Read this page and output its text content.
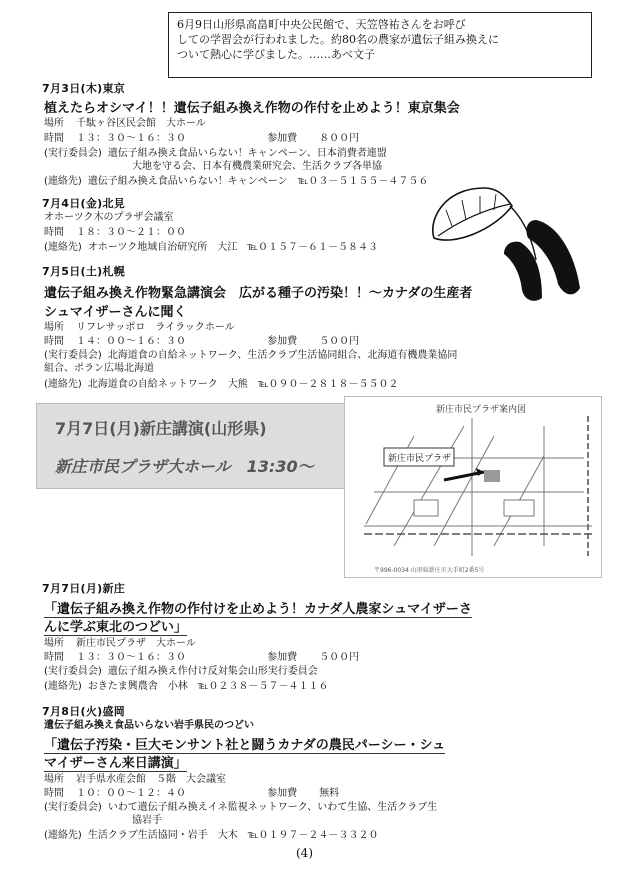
6月9日山形県高畠町中央公民館で、天笠啓祐さんをお呼び
しての学習会が行われました。約80名の農家が遺伝子組み換えに
ついて熱心に学びました。……あべ文子
7月3日(木)東京
植えたらオシマイ！！遺伝子組み換え作物の作付を止めよう！東京集会
場所 千駄ヶ谷区民会館　大ホール
時間 １３：３０～１６：３０	参加費 ８００円
(実行委員会) 遺伝子組み換え食品いらない！キャンペーン、日本消費者連盟
大地を守る会、日本有機農業研究会、生活クラブ各単協
(連絡先) 遺伝子組み換え食品いらない！キャンペーン　℡０３－５１５５－４７５６
7月4日(金)北見
オホーツク木のプラザ会議室
時間 １８：３０～２１：００
(連絡先) オホーツク地域自治研究所　大江　℡０１５７－６１－５８４３
7月5日(土)札幌
遺伝子組み換え作物緊急講演会　広がる種子の汚染！！～カナダの生産者
シュマイザーさんに聞く
場所 リフレサッポロ　ライラックホール
時間 １４：００～１６：３０	参加費 ５００円
(実行委員会) 北海道食の自給ネットワーク、生活クラブ生活協同組合、北海道有機農業協同
組合、ポラン広場北海道
(連絡先) 北海道食の自給ネットワーク　大熊　℡０９０－２８１８－５５０２
7月7日(月)新庄講演(山形県)
新庄市民プラザ大ホール　13:30～
新庄市民プラザ案内図
新庄市民プラザ
〒996-0034 山形県新庄市大手町2番5号
7月7日(月)新庄
「遺伝子組み換え作物の作付けを止めよう！カナダ人農家シュマイザーさ
んに学ぶ東北のつどい」
場所 新庄市民プラザ　大ホール
時間 １３：３０～１６：３０	参加費 ５００円
(実行委員会) 遺伝子組み換え作付け反対集会山形実行委員会
(連絡先) おきたま興農舎　小林　℡０２３８－５７－４１１６
7月8日(火)盛岡
遺伝子組み換え食品いらない岩手県民のつどい
「遺伝子汚染・巨大モンサント社と闘うカナダの農民パーシー・シュ
マイザーさん来日講演」
場所 岩手県水産会館　５階　大会議室
時間 １０：００～１２：４０	参加費 無料
(実行委員会) いわて遺伝子組み換えイネ監視ネットワーク、いわて生協、生活クラブ生
協岩手
(連絡先) 生活クラブ生活協同・岩手　大木　℡０１９７－２４－３３２０
(4)
